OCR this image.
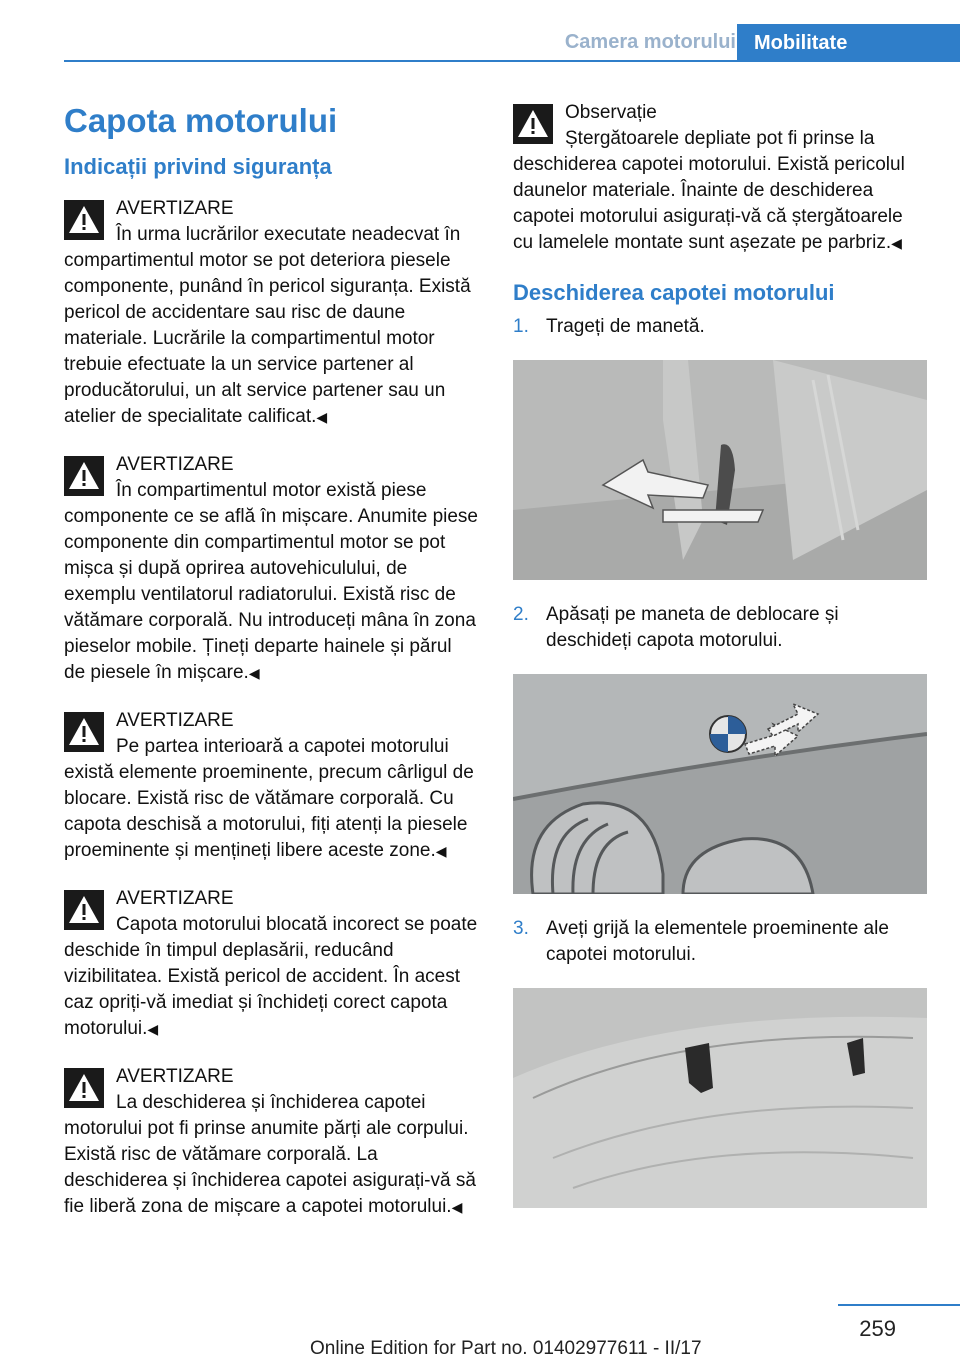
Camera motorului Mobilitate
Capota motorului
Indicații privind siguranța
AVERTIZARE

În urma lucrărilor executate neadecvat în compartimentul motor se pot deteriora piesele componente, punând în pericol siguranța. Există pericol de accidentare sau risc de daune materiale. Lucrările la compartimentul motor trebuie efectuate la un service partener al producătorului, un alt service partener sau un atelier de specialitate calificat.◀

AVERTIZARE

În compartimentul motor există piese componente ce se află în mișcare. Anumite piese componente din compartimentul motor se pot mișca și după oprirea autovehiculului, de exemplu ventilatorul radiatorului. Există risc de vătămare corporală. Nu introduceți mâna în zona pieselor mobile. Țineți departe hainele și părul de piesele în mișcare.◀

AVERTIZARE

Pe partea interioară a capotei motorului există elemente proeminente, precum cârligul de blocare. Există risc de vătămare corporală. Cu capota deschisă a motorului, fiți atenți la piesele proeminente și mențineți libere aceste zone.◀

AVERTIZARE

Capota motorului blocată incorect se poate deschide în timpul deplasării, reducând vizibilitatea. Există pericol de accident. În acest caz opriți-vă imediat și închideți corect capota motorului.◀

AVERTIZARE

La deschiderea și închiderea capotei motorului pot fi prinse anumite părți ale corpului. Există risc de vătămare corporală. La deschiderea și închiderea capotei asigurați-vă să fie liberă zona de mișcare a capotei motorului.◀

Observație

Ștergătoarele depliate pot fi prinse la deschiderea capotei motorului. Există pericolul daunelor materiale. Înainte de deschiderea capotei motorului asigurați-vă că ștergătoarele cu lamelele montate sunt așezate pe parbriz.◀

Deschiderea capotei motorului
1. Trageți de manetă.
2. Apăsați pe maneta de deblocare și deschideți capota motorului.
3. Aveți grijă la elementele proeminente ale capotei motorului.
259
Online Edition for Part no. 01402977611 - II/17
